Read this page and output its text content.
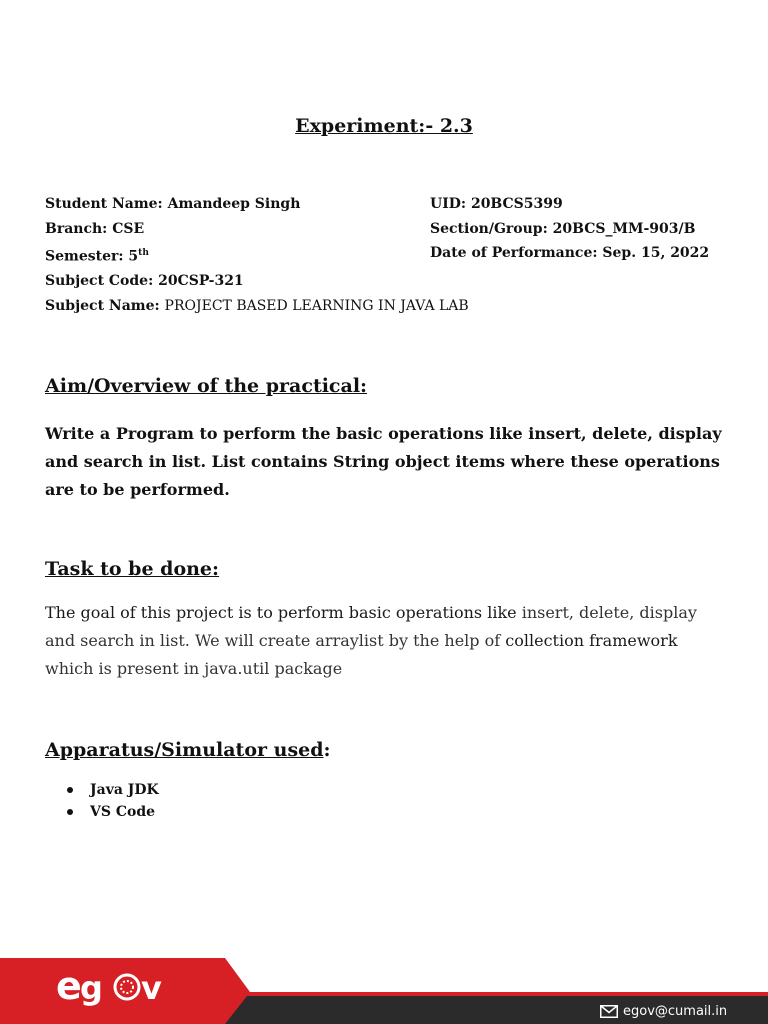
Experiment:- 2.3
Student Name: Amandeep Singh
Branch: CSE
Semester: 5th
Subject Code: 20CSP-321
Subject Name: PROJECT BASED LEARNING IN JAVA LAB
UID: 20BCS5399
Section/Group: 20BCS_MM-903/B
Date of Performance: Sep. 15, 2022
Aim/Overview of the practical:
Write a Program to perform the basic operations like insert, delete, display and search in list. List contains String object items where these operations are to be performed.
Task to be done:
The goal of this project is to perform basic operations like insert, delete, display and search in list. We will create arraylist by the help of collection framework which is present in java.util package
Apparatus/Simulator used:
Java JDK
VS Code
e g v
egov@cumail.in
